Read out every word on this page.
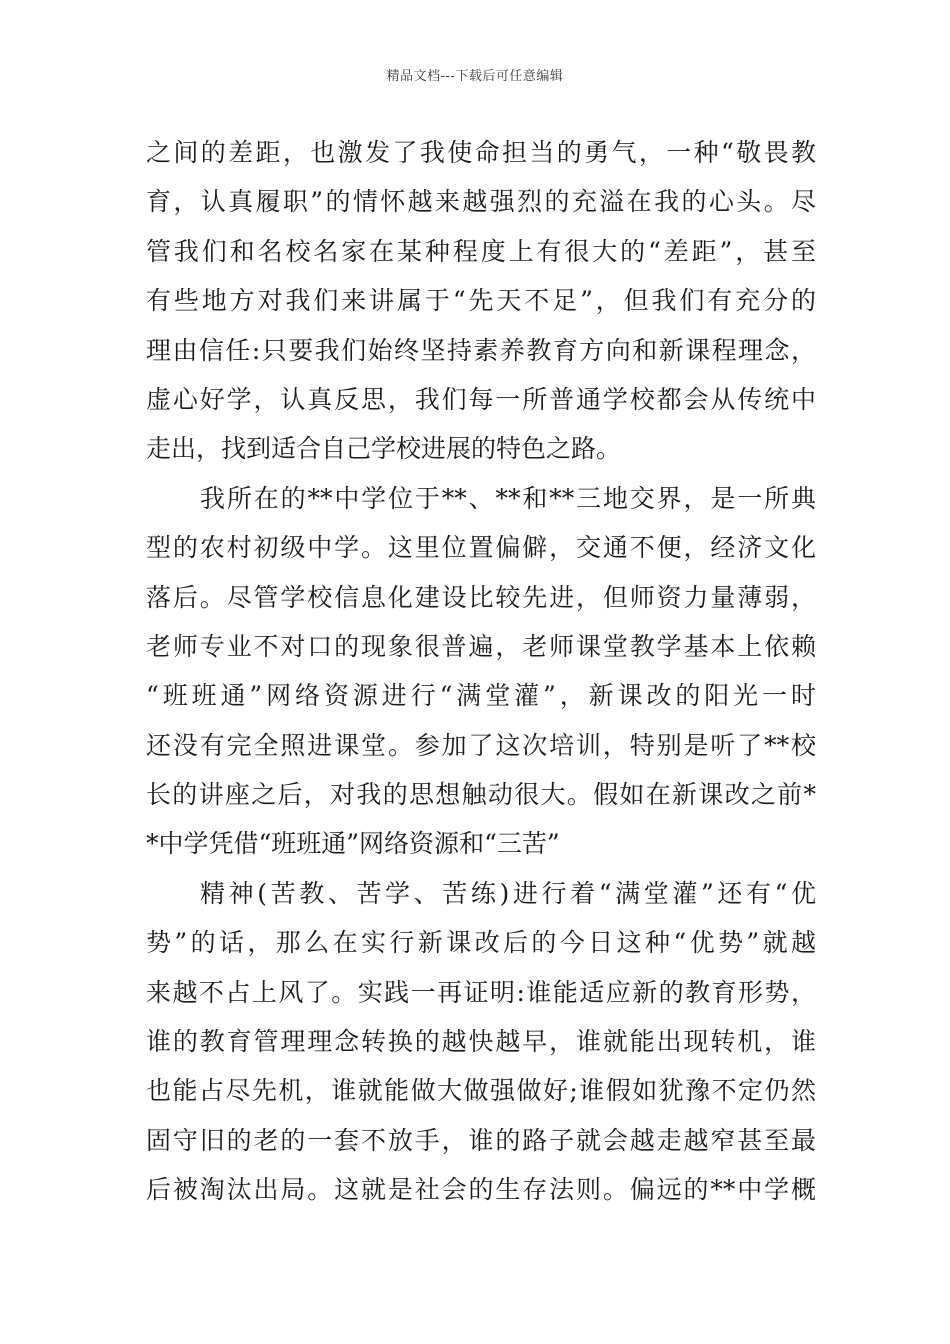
精品文档---下载后可任意编辑
之间的差距，也激发了我使命担当的勇气，一种“敬畏教
育，认真履职”的情怀越来越强烈的充溢在我的心头。尽
管我们和名校名家在某种程度上有很大的“差距”，甚至
有些地方对我们来讲属于“先天不足”，但我们有充分的
理由信任:只要我们始终坚持素养教育方向和新课程理念，
虚心好学，认真反思，我们每一所普通学校都会从传统中
走出，找到适合自己学校进展的特色之路。
我所在的**中学位于**、**和**三地交界，是一所典
型的农村初级中学。这里位置偏僻，交通不便，经济文化
落后。尽管学校信息化建设比较先进，但师资力量薄弱，
老师专业不对口的现象很普遍，老师课堂教学基本上依赖
“班班通”网络资源进行“满堂灌”，新课改的阳光一时
还没有完全照进课堂。参加了这次培训，特别是听了**校
长的讲座之后，对我的思想触动很大。假如在新课改之前*
*中学凭借“班班通”网络资源和“三苦”
精神(苦教、苦学、苦练)进行着“满堂灌”还有“优
势”的话，那么在实行新课改后的今日这种“优势”就越
来越不占上风了。实践一再证明:谁能适应新的教育形势，
谁的教育管理理念转换的越快越早，谁就能出现转机，谁
也能占尽先机，谁就能做大做强做好;谁假如犹豫不定仍然
固守旧的老的一套不放手，谁的路子就会越走越窄甚至最
后被淘汰出局。这就是社会的生存法则。偏远的**中学概
